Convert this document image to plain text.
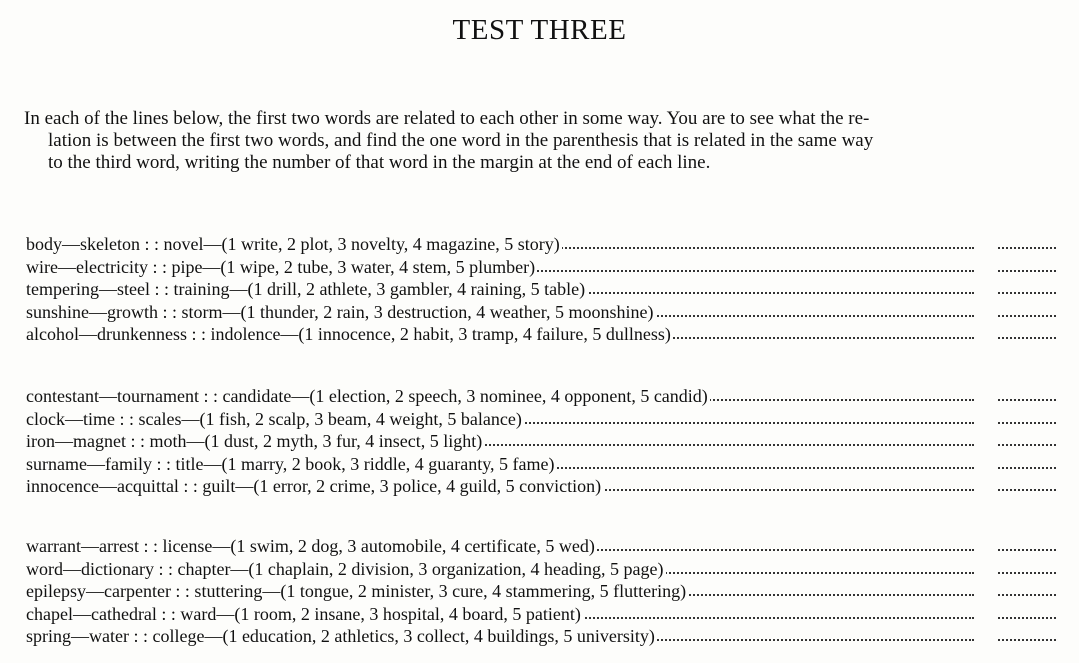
TEST THREE
In each of the lines below, the first two words are related to each other in some way. You are to see what the re-
lation is between the first two words, and find the one word in the parenthesis that is related in the same way
to the third word, writing the number of that word in the margin at the end of each line.
body—skeleton : : novel—(1 write, 2 plot, 3 novelty, 4 magazine, 5 story)
wire—electricity : : pipe—(1 wipe, 2 tube, 3 water, 4 stem, 5 plumber)
tempering—steel : : training—(1 drill, 2 athlete, 3 gambler, 4 raining, 5 table)
sunshine—growth : : storm—(1 thunder, 2 rain, 3 destruction, 4 weather, 5 moonshine)
alcohol—drunkenness : : indolence—(1 innocence, 2 habit, 3 tramp, 4 failure, 5 dullness)
contestant—tournament : : candidate—(1 election, 2 speech, 3 nominee, 4 opponent, 5 candid)
clock—time : : scales—(1 fish, 2 scalp, 3 beam, 4 weight, 5 balance)
iron—magnet : : moth—(1 dust, 2 myth, 3 fur, 4 insect, 5 light)
surname—family : : title—(1 marry, 2 book, 3 riddle, 4 guaranty, 5 fame)
innocence—acquittal : : guilt—(1 error, 2 crime, 3 police, 4 guild, 5 conviction)
warrant—arrest : : license—(1 swim, 2 dog, 3 automobile, 4 certificate, 5 wed)
word—dictionary : : chapter—(1 chaplain, 2 division, 3 organization, 4 heading, 5 page)
epilepsy—carpenter : : stuttering—(1 tongue, 2 minister, 3 cure, 4 stammering, 5 fluttering)
chapel—cathedral : : ward—(1 room, 2 insane, 3 hospital, 4 board, 5 patient)
spring—water : : college—(1 education, 2 athletics, 3 collect, 4 buildings, 5 university)
